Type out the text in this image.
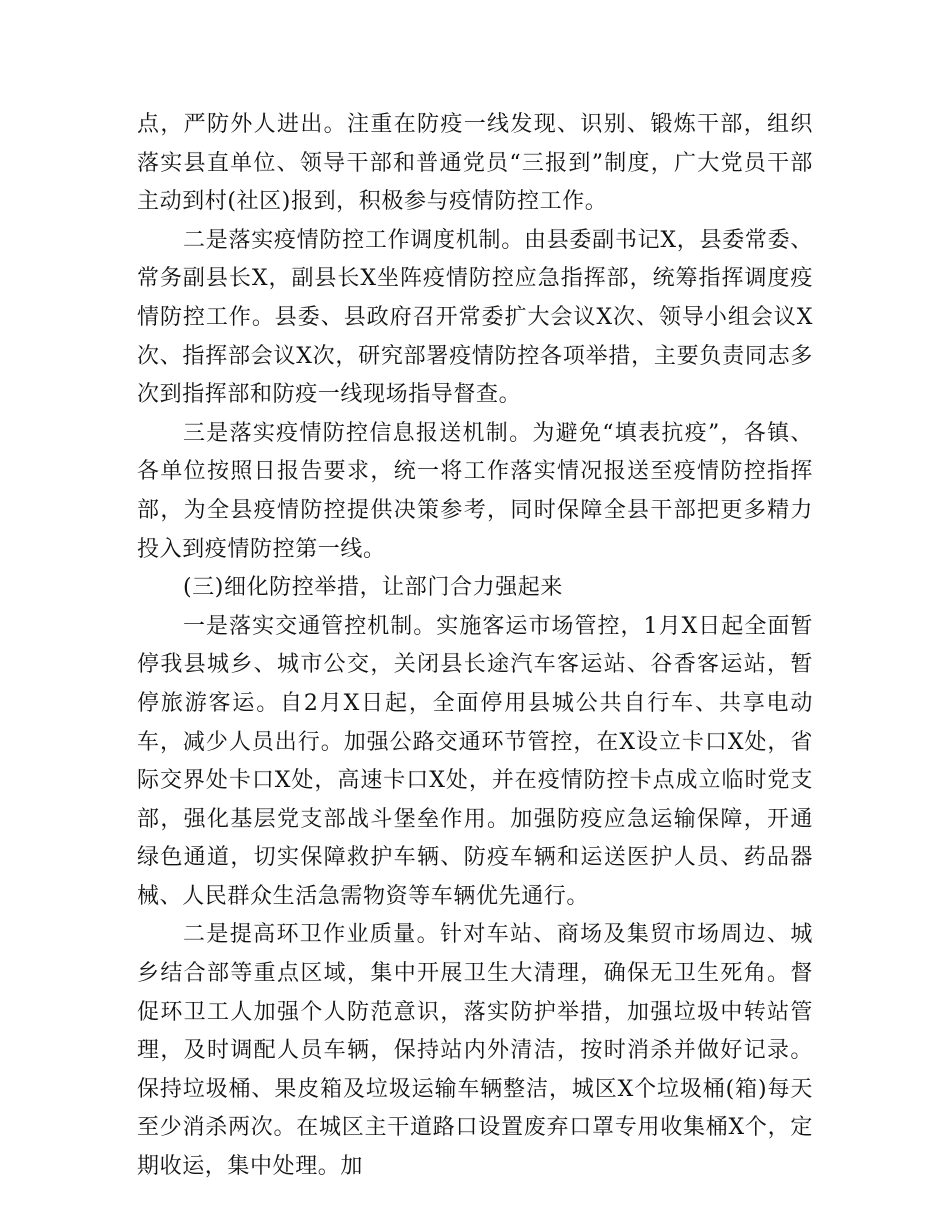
点，严防外人进出。注重在防疫一线发现、识别、锻炼干部，组织落实县直单位、领导干部和普通党员“三报到”制度，广大党员干部主动到村(社区)报到，积极参与疫情防控工作。

二是落实疫情防控工作调度机制。由县委副书记X，县委常委、常务副县长X，副县长X坐阵疫情防控应急指挥部，统筹指挥调度疫情防控工作。县委、县政府召开常委扩大会议X次、领导小组会议X次、指挥部会议X次，研究部署疫情防控各项举措，主要负责同志多次到指挥部和防疫一线现场指导督查。

三是落实疫情防控信息报送机制。为避免“填表抗疫”，各镇、各单位按照日报告要求，统一将工作落实情况报送至疫情防控指挥部，为全县疫情防控提供决策参考，同时保障全县干部把更多精力投入到疫情防控第一线。

(三)细化防控举措，让部门合力强起来

一是落实交通管控机制。实施客运市场管控，1月X日起全面暂停我县城乡、城市公交，关闭县长途汽车客运站、谷香客运站，暂停旅游客运。自2月X日起，全面停用县城公共自行车、共享电动车，减少人员出行。加强公路交通环节管控，在X设立卡口X处，省际交界处卡口X处，高速卡口X处，并在疫情防控卡点成立临时党支部，强化基层党支部战斗堡垒作用。加强防疫应急运输保障，开通绿色通道，切实保障救护车辆、防疫车辆和运送医护人员、药品器械、人民群众生活急需物资等车辆优先通行。

二是提高环卫作业质量。针对车站、商场及集贸市场周边、城乡结合部等重点区域，集中开展卫生大清理，确保无卫生死角。督促环卫工人加强个人防范意识，落实防护举措，加强垃圾中转站管理，及时调配人员车辆，保持站内外清洁，按时消杀并做好记录。保持垃圾桶、果皮箱及垃圾运输车辆整洁，城区X个垃圾桶(箱)每天至少消杀两次。在城区主干道路口设置废弃口罩专用收集桶X个，定期收运，集中处理。加
